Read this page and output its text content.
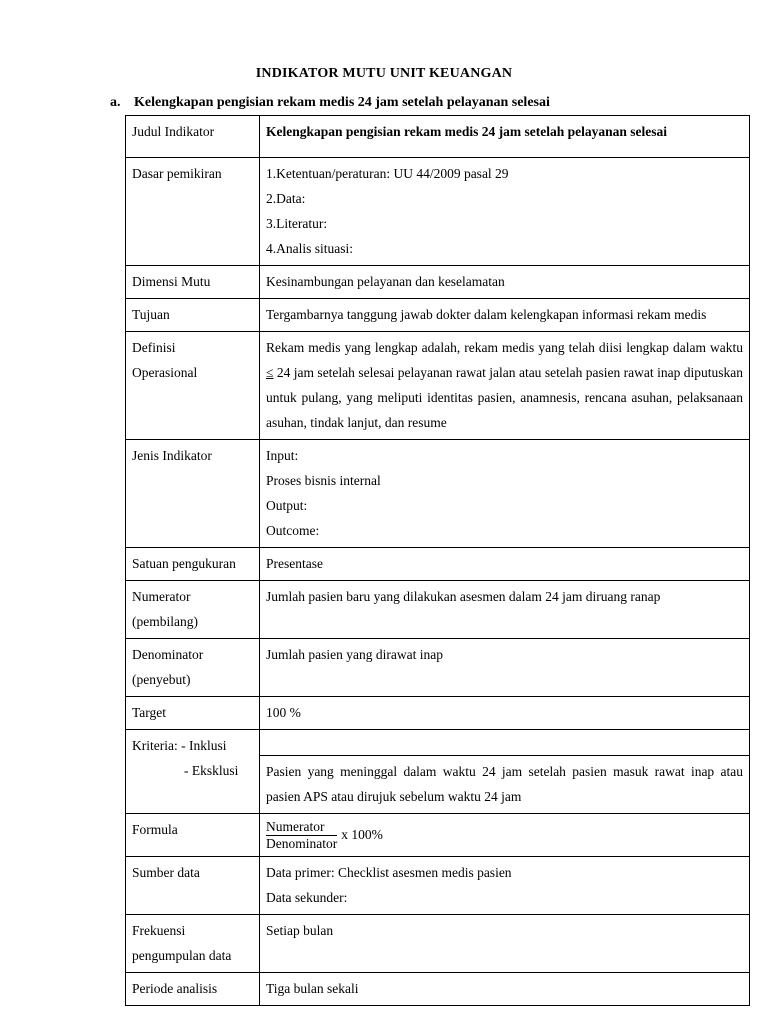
INDIKATOR MUTU UNIT KEUANGAN
a. Kelengkapan pengisian rekam medis 24 jam setelah pelayanan selesai
Judul Indikator	Kelengkapan pengisian rekam medis 24 jam setelah pelayanan selesai
Dasar pemikiran	1.Ketentuan/peraturan: UU 44/2009 pasal 29
2.Data:
3.Literatur:
4.Analis situasi:

Dimensi Mutu	Kesinambungan pelayanan dan keselamatan
Tujuan	Tergambarnya tanggung jawab dokter dalam kelengkapan informasi rekam medis

Definisi
Operasional	Rekam medis yang lengkap adalah, rekam medis yang telah diisi lengkap dalam waktu ≤ 24 jam setelah selesai pelayanan rawat jalan atau setelah pasien rawat inap diputuskan untuk pulang, yang meliputi identitas pasien, anamnesis, rencana asuhan, pelaksanaan asuhan, tindak lanjut, dan resume
Jenis Indikator	Input:
Proses bisnis internal
Output:
Outcome:

Satuan pengukuran	Presentase

Numerator
(pembilang)	Jumlah pasien baru yang dilakukan asesmen dalam 24 jam diruang ranap

Denominator
(penyebut)	Jumlah pasien yang dirawat inap
Target	100 %

Kriteria: - Inklusi
- Eksklusi	

	Pasien yang meninggal dalam waktu 24 jam setelah pasien masuk rawat inap atau pasien APS atau dirujuk sebelum waktu 24 jam
Formula	$\frac{\text{Numerator}}{\text{Denominator}}$ x 100%
Sumber data	Data primer: Checklist asesmen medis pasien
Data sekunder:

Frekuensi
pengumpulan data	Setiap bulan
Periode analisis	Tiga bulan sekali
